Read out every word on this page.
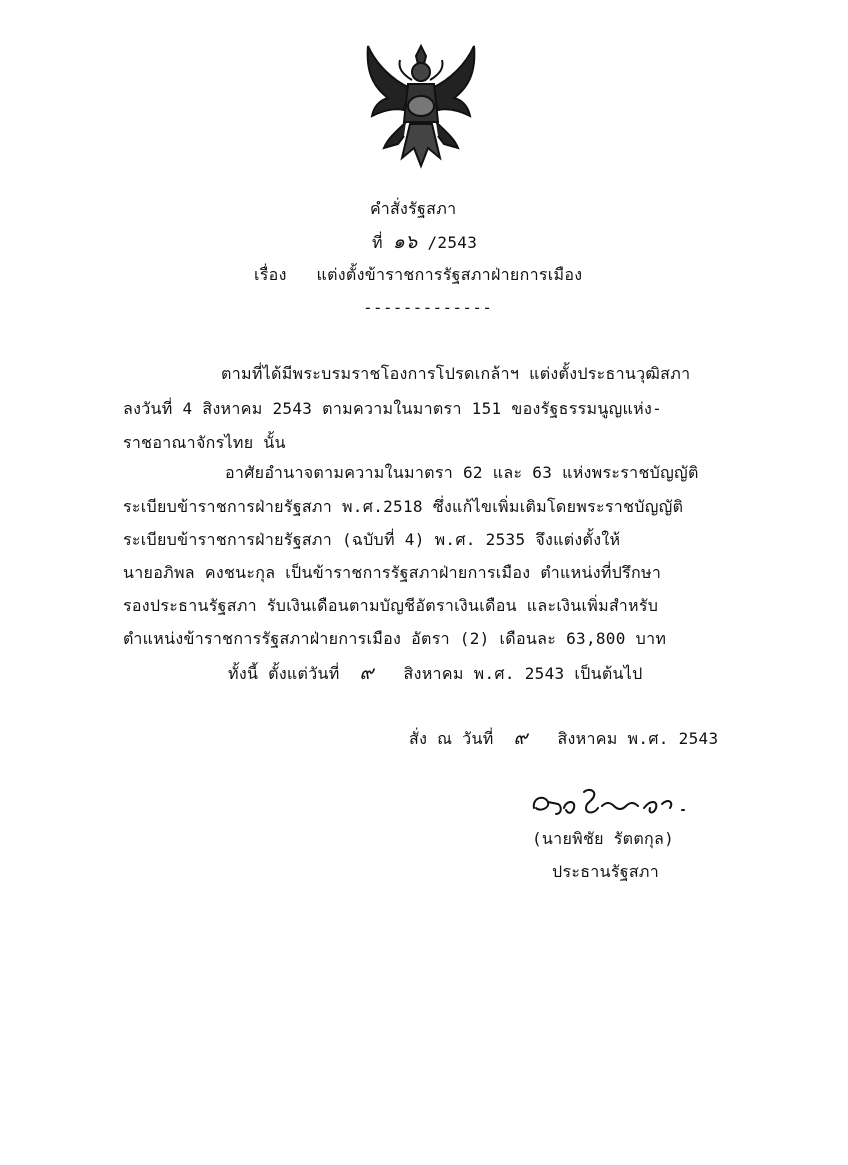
คำสั่งรัฐสภา
ที่ ๑๖ /2543
เรื่อง แต่งตั้งข้าราชการรัฐสภาฝ่ายการเมือง
-------------
ตามที่ได้มีพระบรมราชโองการโปรดเกล้าฯ แต่งตั้งประธานวุฒิสภา
ลงวันที่ 4 สิงหาคม 2543 ตามความในมาตรา 151 ของรัฐธรรมนูญแห่ง-
ราชอาณาจักรไทย นั้น
อาศัยอำนาจตามความในมาตรา 62 และ 63 แห่งพระราชบัญญัติ
ระเบียบข้าราชการฝ่ายรัฐสภา พ.ศ.2518 ซึ่งแก้ไขเพิ่มเติมโดยพระราชบัญญัติ
ระเบียบข้าราชการฝ่ายรัฐสภา (ฉบับที่ 4) พ.ศ. 2535 จึงแต่งตั้งให้
นายอภิพล คงชนะกุล เป็นข้าราชการรัฐสภาฝ่ายการเมือง ตำแหน่งที่ปรึกษา
รองประธานรัฐสภา รับเงินเดือนตามบัญชีอัตราเงินเดือน และเงินเพิ่มสำหรับ
ตำแหน่งข้าราชการรัฐสภาฝ่ายการเมือง อัตรา (2) เดือนละ 63,800 บาท
ทั้งนี้ ตั้งแต่วันที่ ๙ สิงหาคม พ.ศ. 2543 เป็นต้นไป
สั่ง ณ วันที่ ๙ สิงหาคม พ.ศ. 2543
(นายพิชัย รัตตกุล)
ประธานรัฐสภา
